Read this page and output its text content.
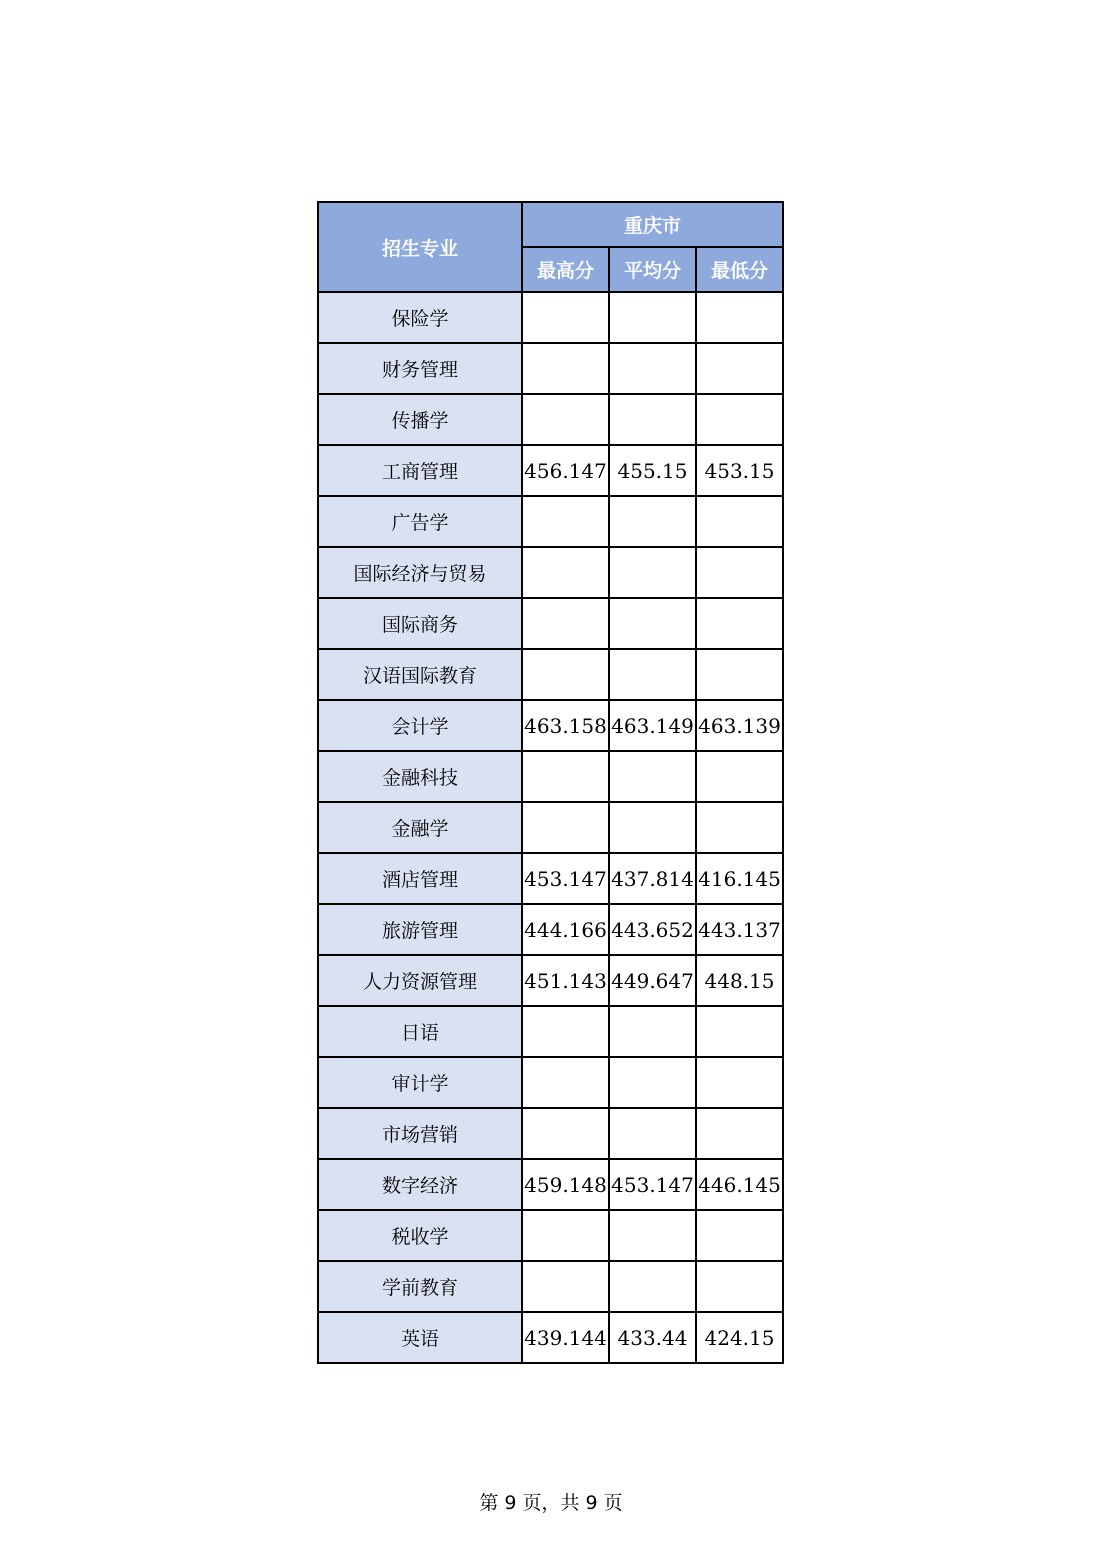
招生专业	重庆市		
	最高分	平均分	最低分
保险学			
财务管理			
传播学			
工商管理	456.147	455.15	453.15
广告学			
国际经济与贸易			
国际商务			
汉语国际教育			
会计学	463.158	463.149	463.139
金融科技			
金融学			
酒店管理	453.147	437.814	416.145
旅游管理	444.166	443.652	443.137
人力资源管理	451.143	449.647	448.15
日语			
审计学			
市场营销			
数字经济	459.148	453.147	446.145
税收学			
学前教育			
英语	439.144	433.44	424.15
第 9 页，共 9 页
